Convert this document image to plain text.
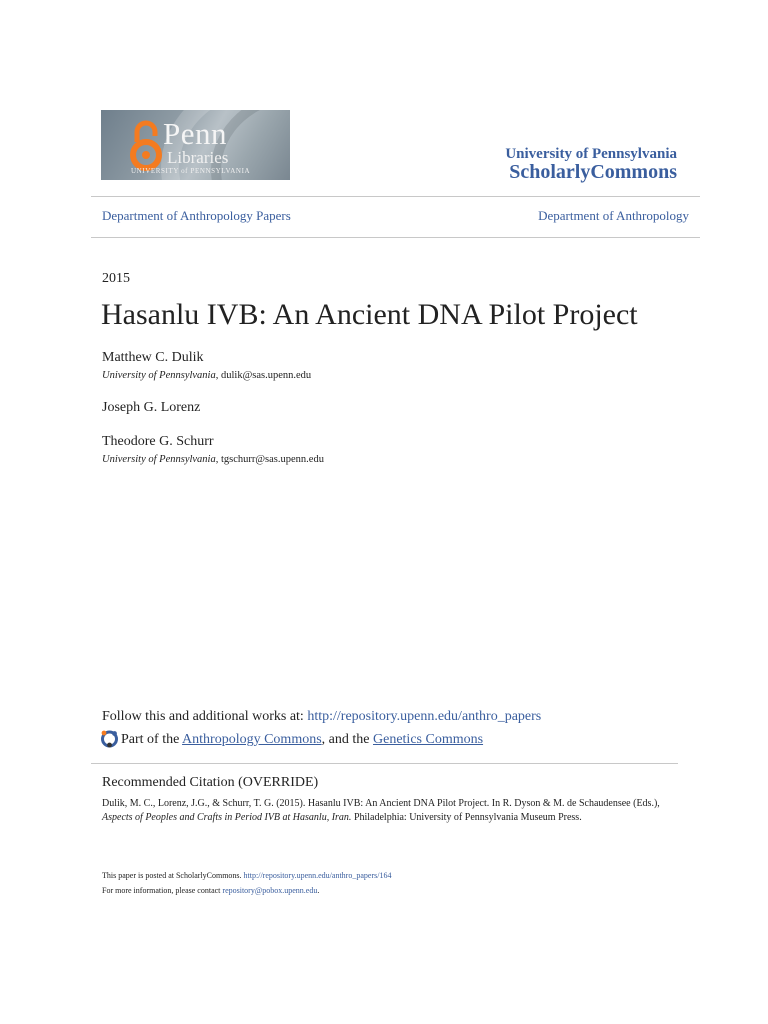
Penn
Libraries
UNIVERSITY of PENNSYLVANIA
University of Pennsylvania
ScholarlyCommons
Department of Anthropology Papers	Department of Anthropology
2015
Hasanlu IVB: An Ancient DNA Pilot Project
Matthew C. Dulik
University of Pennsylvania, dulik@sas.upenn.edu
Joseph G. Lorenz
Theodore G. Schurr
University of Pennsylvania, tgschurr@sas.upenn.edu
Follow this and additional works at: http://repository.upenn.edu/anthro_papers
Part of the Anthropology Commons, and the Genetics Commons
Recommended Citation (OVERRIDE)
Dulik, M. C., Lorenz, J.G., & Schurr, T. G. (2015). Hasanlu IVB: An Ancient DNA Pilot Project. In R. Dyson & M. de Schaudensee (Eds.), Aspects of Peoples and Crafts in Period IVB at Hasanlu, Iran. Philadelphia: University of Pennsylvania Museum Press.
This paper is posted at ScholarlyCommons. http://repository.upenn.edu/anthro_papers/164
For more information, please contact repository@pobox.upenn.edu.
